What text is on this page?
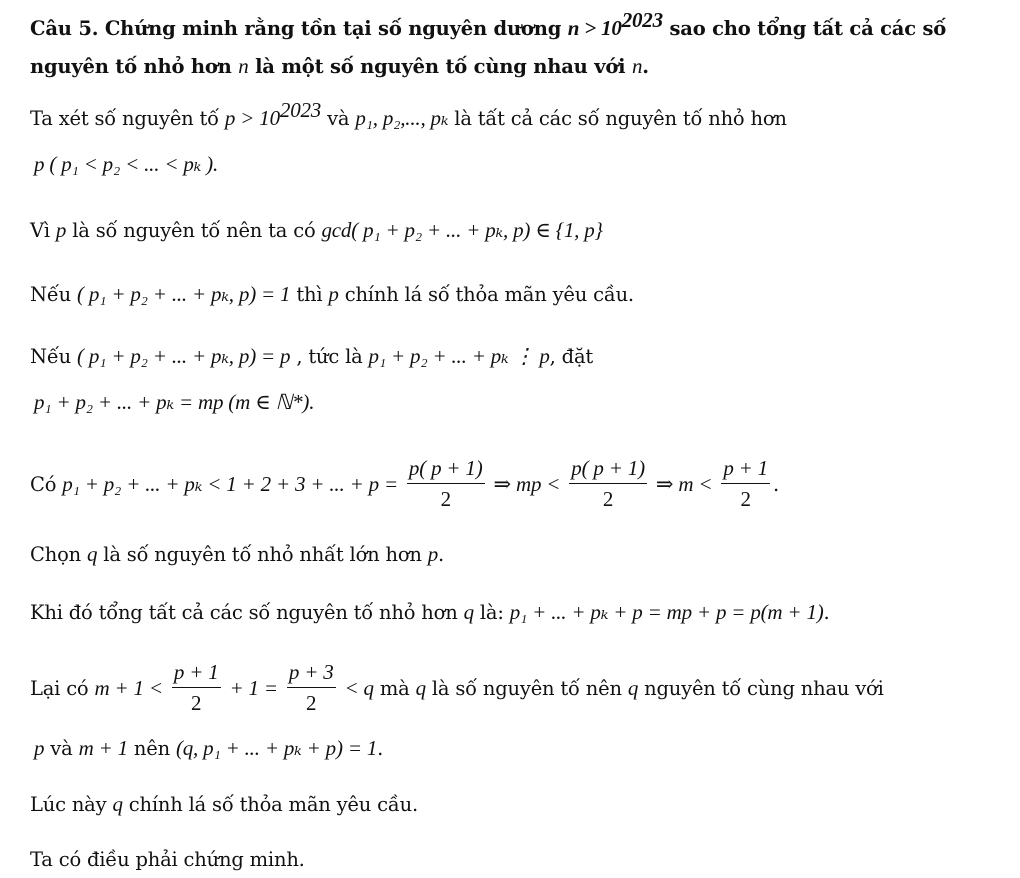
Câu 5. Chứng minh rằng tồn tại số nguyên dương $n > 10^{2023}$ sao cho tổng tất cả các số
nguyên tố nhỏ hơn n là một số nguyên tố cùng nhau với n.
Ta xét số nguyên tố $p > 10^{2023}$ và p₁, p₂,..., pₖ là tất cả các số nguyên tố nhỏ hơn
p ( p₁ < p₂ < ... < pₖ ).
Vì p là số nguyên tố nên ta có gcd( p₁ + p₂ + ... + pₖ, p) ∈ {1, p}
Nếu ( p₁ + p₂ + ... + pₖ, p) = 1 thì p chính lá số thỏa mãn yêu cầu.
Nếu ( p₁ + p₂ + ... + pₖ, p) = p , tức là p₁ + p₂ + ... + pₖ ⋮ p, đặt
p₁ + p₂ + ... + pₖ = mp (m ∈ ℕ*).
Có p₁ + p₂ + ... + pₖ < 1 + 2 + 3 + ... + $p = \frac{p( p + 1)}{2}$ ⇒ mp < $\frac{p( p + 1)}{2}$ ⇒ $m < \frac{p + 1}{2}$ .
Chọn q là số nguyên tố nhỏ nhất lớn hơn p.
Khi đó tổng tất cả các số nguyên tố nhỏ hơn q là: p₁ + ... + pₖ + p = mp + p = p(m + 1).
Lại có $m + 1 < \frac{p + 1}{2} + 1 = \frac{p + 3}{2} < q$ mà q là số nguyên tố nên q nguyên tố cùng nhau với
p và m + 1 nên (q, p₁ + ... + pₖ + p) = 1.
Lúc này q chính lá số thỏa mãn yêu cầu.
Ta có điều phải chứng minh.
